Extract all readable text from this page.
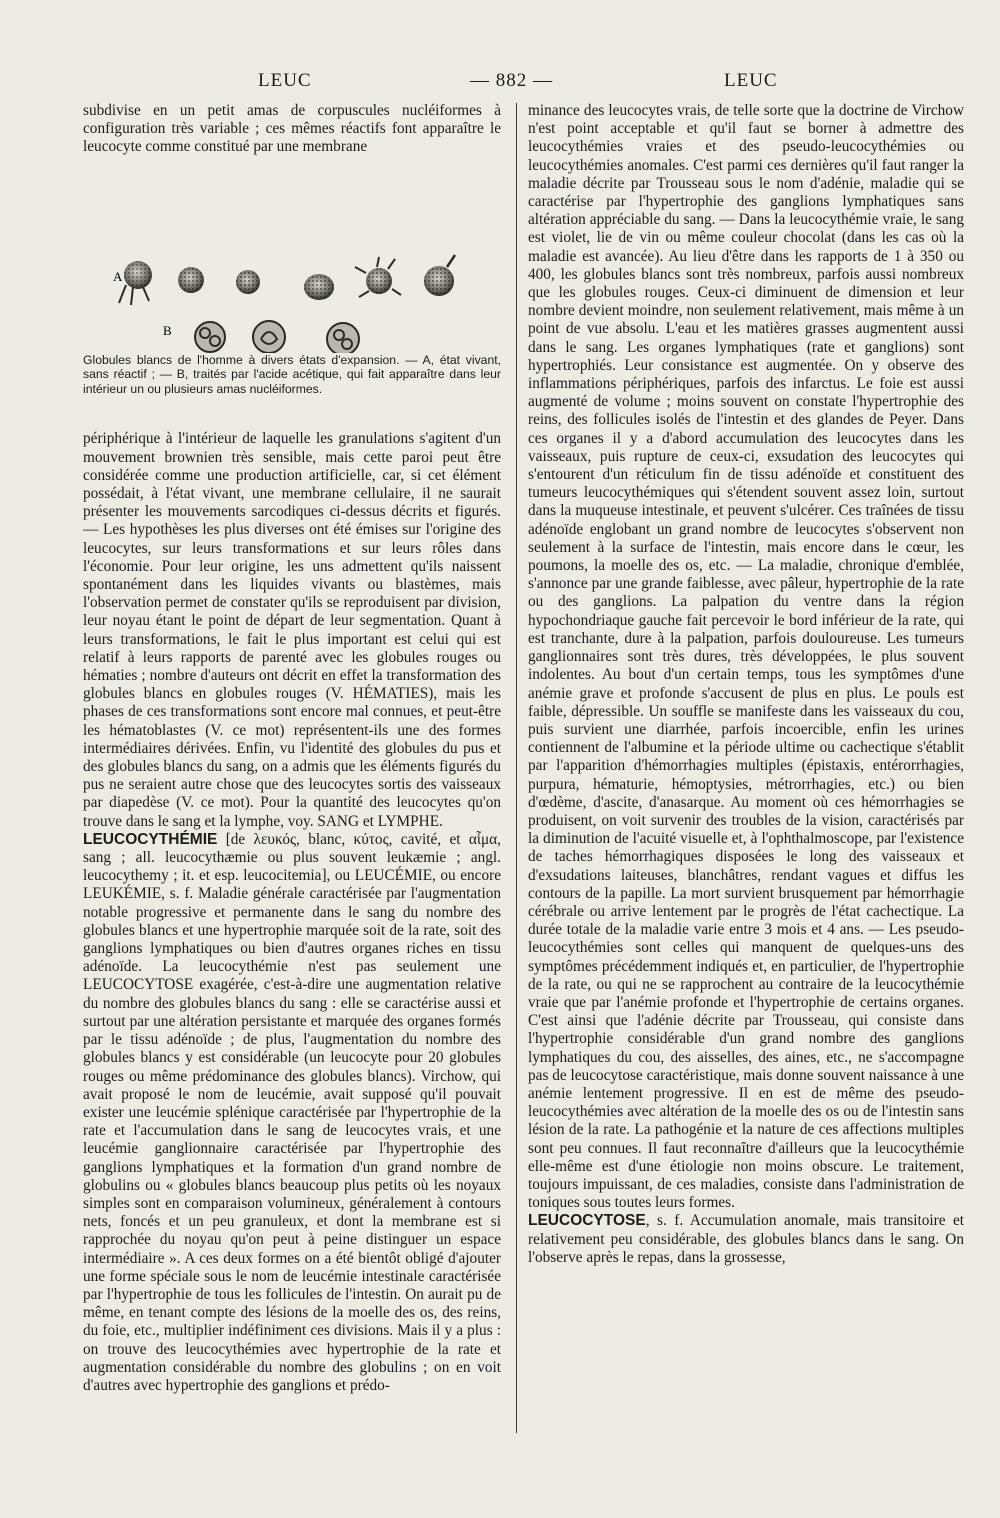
LEUC	— 882 —	LEUC

subdivise en un petit amas de corpuscules nucléiformes à configuration très variable ; ces mêmes réactifs font apparaître le leucocyte comme constitué par une membrane

A
B

Globules blancs de l'homme à divers états d'expansion. — A, état vivant, sans réactif ; — B, traités par l'acide acétique, qui fait apparaître dans leur intérieur un ou plusieurs amas nucléiformes.

périphérique à l'intérieur de laquelle les granulations s'agitent d'un mouvement brownien très sensible, mais cette paroi peut être considérée comme une production artificielle, car, si cet élément possédait, à l'état vivant, une membrane cellulaire, il ne saurait présenter les mouvements sarcodiques ci-dessus décrits et figurés. — Les hypothèses les plus diverses ont été émises sur l'origine des leucocytes, sur leurs transformations et sur leurs rôles dans l'économie. Pour leur origine, les uns admettent qu'ils naissent spontanément dans les liquides vivants ou blastèmes, mais l'observation permet de constater qu'ils se reproduisent par division, leur noyau étant le point de départ de leur segmentation. Quant à leurs transformations, le fait le plus important est celui qui est relatif à leurs rapports de parenté avec les globules rouges ou hématies ; nombre d'auteurs ont décrit en effet la transformation des globules blancs en globules rouges (V. HÉMATIES), mais les phases de ces transformations sont encore mal connues, et peut-être les hématoblastes (V. ce mot) représentent-ils une des formes intermédiaires dérivées. Enfin, vu l'identité des globules du pus et des globules blancs du sang, on a admis que les éléments figurés du pus ne seraient autre chose que des leucocytes sortis des vaisseaux par diapedèse (V. ce mot). Pour la quantité des leucocytes qu'on trouve dans le sang et la lymphe, voy. SANG et LYMPHE.

LEUCOCYTHÉMIE [de λευκός, blanc, κύτος, cavité, et αἷμα, sang ; all. leucocythæmie ou plus souvent leukæmie ; angl. leucocythemy ; it. et esp. leucocitemia], ou LEUCÉMIE, ou encore LEUKÉMIE, s. f. Maladie générale caractérisée par l'augmentation notable progressive et permanente dans le sang du nombre des globules blancs et une hypertrophie marquée soit de la rate, soit des ganglions lymphatiques ou bien d'autres organes riches en tissu adénoïde. La leucocythémie n'est pas seulement une LEUCOCYTOSE exagérée, c'est-à-dire une augmentation relative du nombre des globules blancs du sang : elle se caractérise aussi et surtout par une altération persistante et marquée des organes formés par le tissu adénoïde ; de plus, l'augmentation du nombre des globules blancs y est considérable (un leucocyte pour 20 globules rouges ou même prédominance des globules blancs). Virchow, qui avait proposé le nom de leucémie, avait supposé qu'il pouvait exister une leucémie splénique caractérisée par l'hypertrophie de la rate et l'accumulation dans le sang de leucocytes vrais, et une leucémie ganglionnaire caractérisée par l'hypertrophie des ganglions lymphatiques et la formation d'un grand nombre de globulins ou « globules blancs beaucoup plus petits où les noyaux simples sont en comparaison volumineux, généralement à contours nets, foncés et un peu granuleux, et dont la membrane est si rapprochée du noyau qu'on peut à peine distinguer un espace intermédiaire ». A ces deux formes on a été bientôt obligé d'ajouter une forme spéciale sous le nom de leucémie intestinale caractérisée par l'hypertrophie de tous les follicules de l'intestin. On aurait pu de même, en tenant compte des lésions de la moelle des os, des reins, du foie, etc., multiplier indéfiniment ces divisions. Mais il y a plus : on trouve des leucocythémies avec hypertrophie de la rate et augmentation considérable du nombre des globulins ; on en voit d'autres avec hypertrophie des ganglions et prédo-

minance des leucocytes vrais, de telle sorte que la doctrine de Virchow n'est point acceptable et qu'il faut se borner à admettre des leucocythémies vraies et des pseudo-leucocythémies ou leucocythémies anomales. C'est parmi ces dernières qu'il faut ranger la maladie décrite par Trousseau sous le nom d'adénie, maladie qui se caractérise par l'hypertrophie des ganglions lymphatiques sans altération appréciable du sang. — Dans la leucocythémie vraie, le sang est violet, lie de vin ou même couleur chocolat (dans les cas où la maladie est avancée). Au lieu d'être dans les rapports de 1 à 350 ou 400, les globules blancs sont très nombreux, parfois aussi nombreux que les globules rouges. Ceux-ci diminuent de dimension et leur nombre devient moindre, non seulement relativement, mais même à un point de vue absolu. L'eau et les matières grasses augmentent aussi dans le sang. Les organes lymphatiques (rate et ganglions) sont hypertrophiés. Leur consistance est augmentée. On y observe des inflammations périphériques, parfois des infarctus. Le foie est aussi augmenté de volume ; moins souvent on constate l'hypertrophie des reins, des follicules isolés de l'intestin et des glandes de Peyer. Dans ces organes il y a d'abord accumulation des leucocytes dans les vaisseaux, puis rupture de ceux-ci, exsudation des leucocytes qui s'entourent d'un réticulum fin de tissu adénoïde et constituent des tumeurs leucocythémiques qui s'étendent souvent assez loin, surtout dans la muqueuse intestinale, et peuvent s'ulcérer. Ces traînées de tissu adénoïde englobant un grand nombre de leucocytes s'observent non seulement à la surface de l'intestin, mais encore dans le cœur, les poumons, la moelle des os, etc. — La maladie, chronique d'emblée, s'annonce par une grande faiblesse, avec pâleur, hypertrophie de la rate ou des ganglions. La palpation du ventre dans la région hypochondriaque gauche fait percevoir le bord inférieur de la rate, qui est tranchante, dure à la palpation, parfois douloureuse. Les tumeurs ganglionnaires sont très dures, très développées, le plus souvent indolentes. Au bout d'un certain temps, tous les symptômes d'une anémie grave et profonde s'accusent de plus en plus. Le pouls est faible, dépressible. Un souffle se manifeste dans les vaisseaux du cou, puis survient une diarrhée, parfois incoercible, enfin les urines contiennent de l'albumine et la période ultime ou cachectique s'établit par l'apparition d'hémorrhagies multiples (épistaxis, entérorrhagies, purpura, hématurie, hémoptysies, métrorrhagies, etc.) ou bien d'œdème, d'ascite, d'anasarque. Au moment où ces hémorrhagies se produisent, on voit survenir des troubles de la vision, caractérisés par la diminution de l'acuité visuelle et, à l'ophthalmoscope, par l'existence de taches hémorrhagiques disposées le long des vaisseaux et d'exsudations laiteuses, blanchâtres, rendant vagues et diffus les contours de la papille. La mort survient brusquement par hémorrhagie cérébrale ou arrive lentement par le progrès de l'état cachectique. La durée totale de la maladie varie entre 3 mois et 4 ans. — Les pseudo-leucocythémies sont celles qui manquent de quelques-uns des symptômes précédemment indiqués et, en particulier, de l'hypertrophie de la rate, ou qui ne se rapprochent au contraire de la leucocythémie vraie que par l'anémie profonde et l'hypertrophie de certains organes. C'est ainsi que l'adénie décrite par Trousseau, qui consiste dans l'hypertrophie considérable d'un grand nombre des ganglions lymphatiques du cou, des aisselles, des aines, etc., ne s'accompagne pas de leucocytose caractéristique, mais donne souvent naissance à une anémie lentement progressive. Il en est de même des pseudo-leucocythémies avec altération de la moelle des os ou de l'intestin sans lésion de la rate. La pathogénie et la nature de ces affections multiples sont peu connues. Il faut reconnaître d'ailleurs que la leucocythémie elle-même est d'une étiologie non moins obscure. Le traitement, toujours impuissant, de ces maladies, consiste dans l'administration de toniques sous toutes leurs formes.

LEUCOCYTOSE, s. f. Accumulation anomale, mais transitoire et relativement peu considérable, des globules blancs dans le sang. On l'observe après le repas, dans la grossesse,
